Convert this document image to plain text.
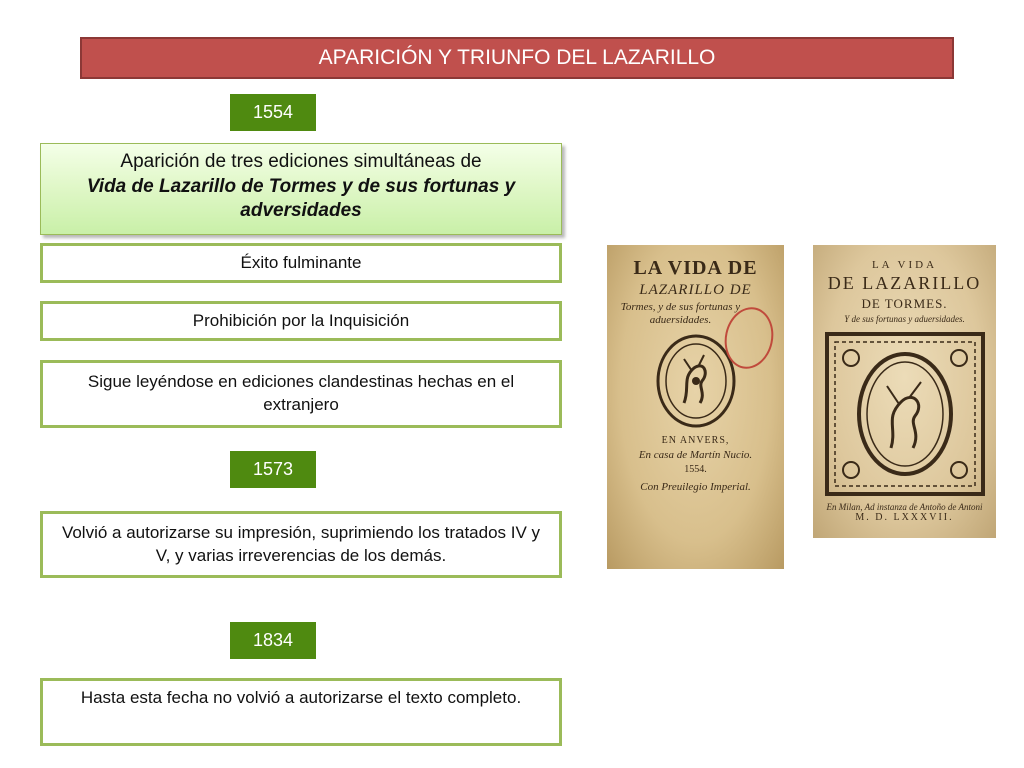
APARICIÓN Y TRIUNFO DEL LAZARILLO
1554
Aparición de tres ediciones simultáneas de
Vida de Lazarillo de Tormes y de sus fortunas y adversidades
Éxito fulminante
Prohibición por la Inquisición
Sigue leyéndose en ediciones clandestinas hechas en el extranjero
1573
Volvió a autorizarse su impresión, suprimiendo los tratados IV y V, y varias irreverencias de los demás.
1834
Hasta esta fecha no volvió a autorizarse el texto completo.
LA VIDA DE
LAZARILLO DE
Tormes, y de sus fortunas y aduersidades.
EN ANVERS,
En casa de Martín Nucio.
1554.
Con Preuilegio Imperial.
LA VIDA
DE LAZARILLO
DE TORMES.
Y de sus fortunas y aduersidades.
En Milan, Ad instanza de Antoño de Antoni
M. D. LXXXVII.
